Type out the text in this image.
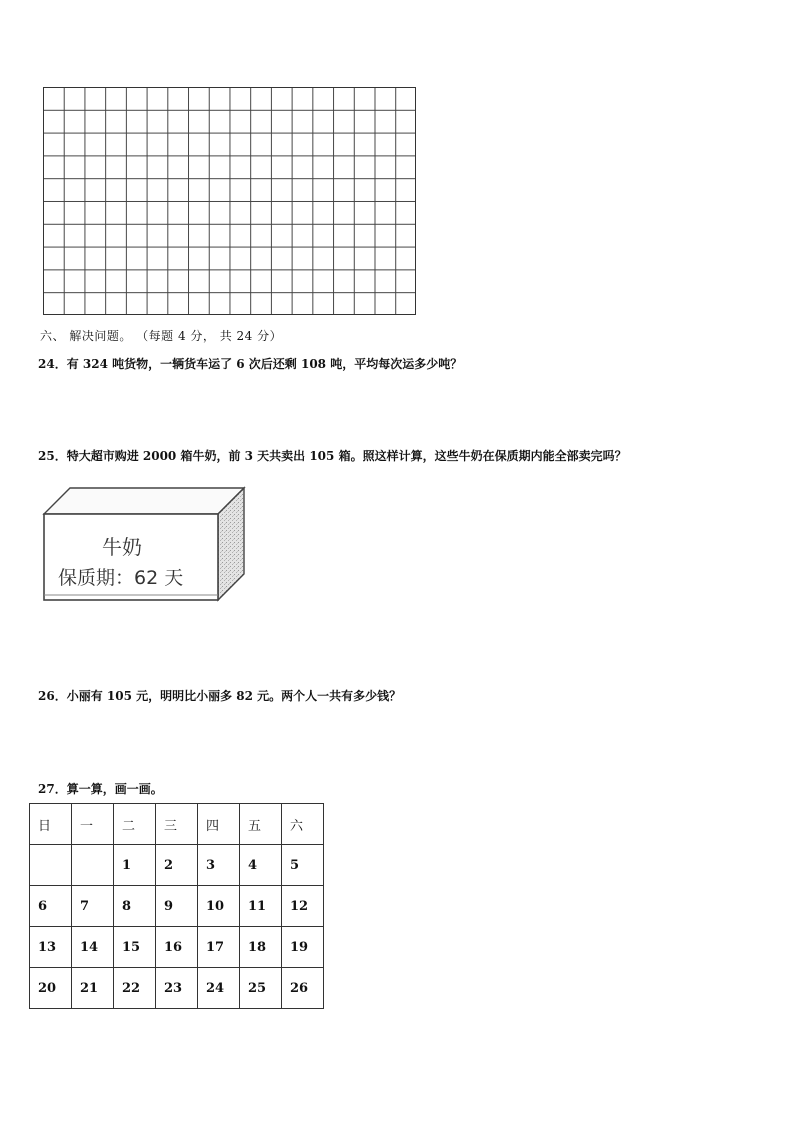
六、 解决问题。 （每题 4 分， 共 24 分）
24．有 324 吨货物，一辆货车运了 6 次后还剩 108 吨，平均每次运多少吨？
25．特大超市购进 2000 箱牛奶，前 3 天共卖出 105 箱。照这样计算，这些牛奶在保质期内能全部卖完吗？
牛奶
保质期：62 天
26．小丽有 105 元，明明比小丽多 82 元。两个人一共有多少钱？
27．算一算，画一画。
日	一	二	三	四	五	六
		1	2	3	4	5
6	7	8	9	10	11	12
13	14	15	16	17	18	19
20	21	22	23	24	25	26
